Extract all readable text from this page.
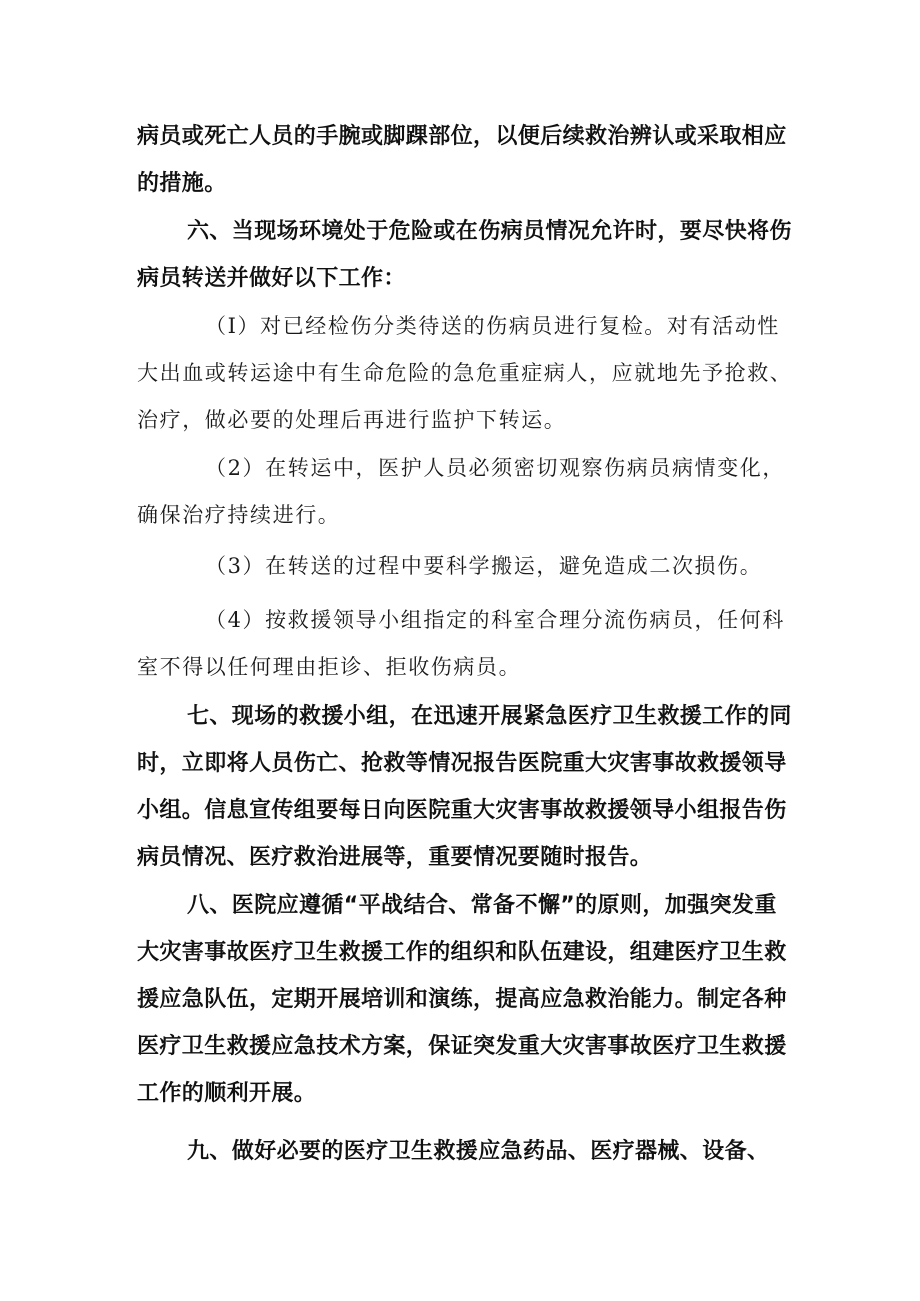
病员或死亡人员的手腕或脚踝部位，以便后续救治辨认或采取相应的措施。

六、当现场环境处于危险或在伤病员情况允许时，要尽快将伤病员转送并做好以下工作：

（I）对已经检伤分类待送的伤病员进行复检。对有活动性大出血或转运途中有生命危险的急危重症病人，应就地先予抢救、治疗，做必要的处理后再进行监护下转运。

（2）在转运中，医护人员必须密切观察伤病员病情变化，确保治疗持续进行。

（3）在转送的过程中要科学搬运，避免造成二次损伤。

（4）按救援领导小组指定的科室合理分流伤病员，任何科室不得以任何理由拒诊、拒收伤病员。

七、现场的救援小组，在迅速开展紧急医疗卫生救援工作的同时，立即将人员伤亡、抢救等情况报告医院重大灾害事故救援领导小组。信息宣传组要每日向医院重大灾害事故救援领导小组报告伤病员情况、医疗救治进展等，重要情况要随时报告。

八、医院应遵循“平战结合、常备不懈”的原则，加强突发重大灾害事故医疗卫生救援工作的组织和队伍建设，组建医疗卫生救援应急队伍，定期开展培训和演练，提高应急救治能力。制定各种医疗卫生救援应急技术方案，保证突发重大灾害事故医疗卫生救援工作的顺利开展。

九、做好必要的医疗卫生救援应急药品、医疗器械、设备、
